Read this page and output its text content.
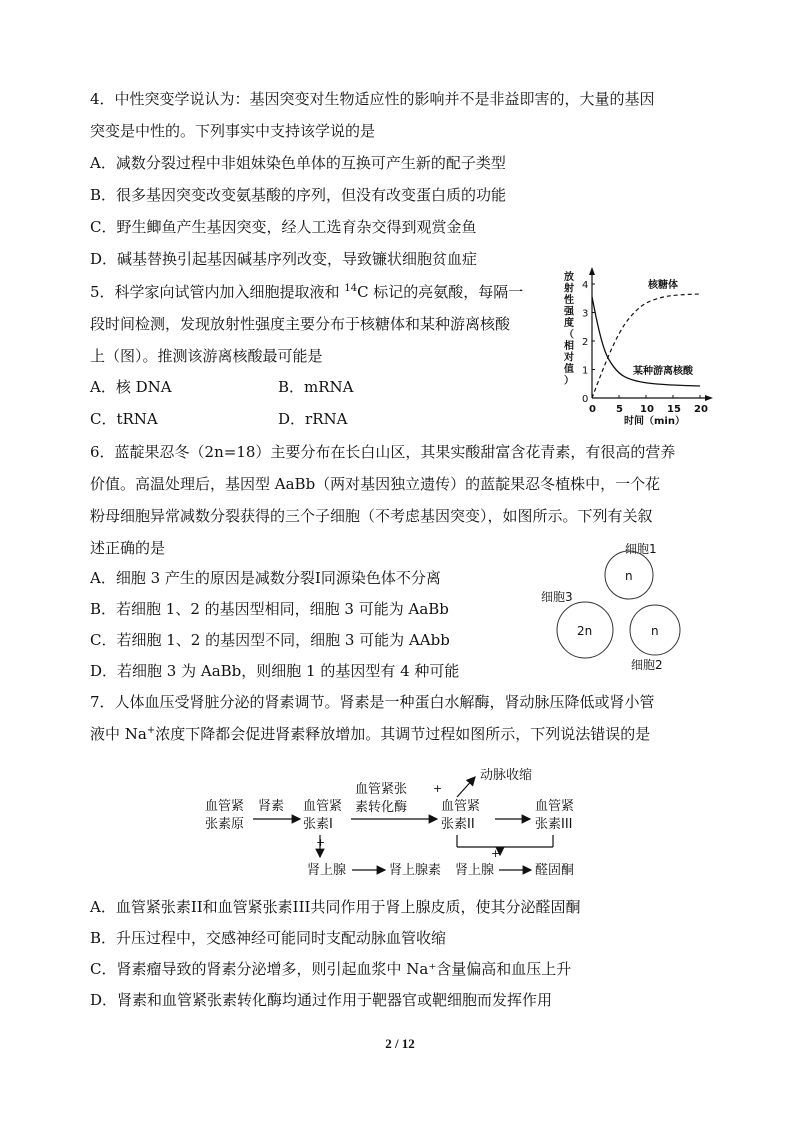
4．中性突变学说认为：基因突变对生物适应性的影响并不是非益即害的，大量的基因
突变是中性的。下列事实中支持该学说的是
A．减数分裂过程中非姐妹染色单体的互换可产生新的配子类型
B．很多基因突变改变氨基酸的序列，但没有改变蛋白质的功能
C．野生鲫鱼产生基因突变，经人工选育杂交得到观赏金鱼
D．碱基替换引起基因碱基序列改变，导致镰状细胞贫血症
5．科学家向试管内加入细胞提取液和 $^{14}$C 标记的亮氨酸，每隔一
段时间检测，发现放射性强度主要分布于核糖体和某种游离核酸
上（图）。推测该游离核酸最可能是
A．核 DNA	B．mRNA
C．tRNA	D．rRNA
放
射
性
强
度
（
相
对
值
）
0
1
2
3
4
0 5 10 15 20
核糖体
某种游离核酸
时间（min）
6．蓝靛果忍冬（2n=18）主要分布在长白山区，其果实酸甜富含花青素，有很高的营养
价值。高温处理后，基因型 AaBb（两对基因独立遗传）的蓝靛果忍冬植株中，一个花
粉母细胞异常减数分裂获得的三个子细胞（不考虑基因突变），如图所示。下列有关叙
述正确的是
A．细胞 3 产生的原因是减数分裂I同源染色体不分离
B．若细胞 1、2 的基因型相同，细胞 3 可能为 AaBb
C．若细胞 1、2 的基因型不同，细胞 3 可能为 AAbb
D．若细胞 3 为 AaBb，则细胞 1 的基因型有 4 种可能
细胞1
n
细胞3
2n	n
细胞2
7．人体血压受肾脏分泌的肾素调节。肾素是一种蛋白水解酶，肾动脉压降低或肾小管
液中 Na+浓度下降都会促进肾素释放增加。其调节过程如图所示，下列说法错误的是
血管紧
张素原
肾素 血管紧
张素I
血管紧张
素转化酶	血管紧
张素II
血管紧
张素III
+
动脉收缩
+
肾上腺	肾上腺素
+
肾上腺	醛固酮
A．血管紧张素II和血管紧张素III共同作用于肾上腺皮质，使其分泌醛固酮
B．升压过程中，交感神经可能同时支配动脉血管收缩
C．肾素瘤导致的肾素分泌增多，则引起血浆中 Na⁺含量偏高和血压上升
D．肾素和血管紧张素转化酶均通过作用于靶器官或靶细胞而发挥作用
2 / 12
